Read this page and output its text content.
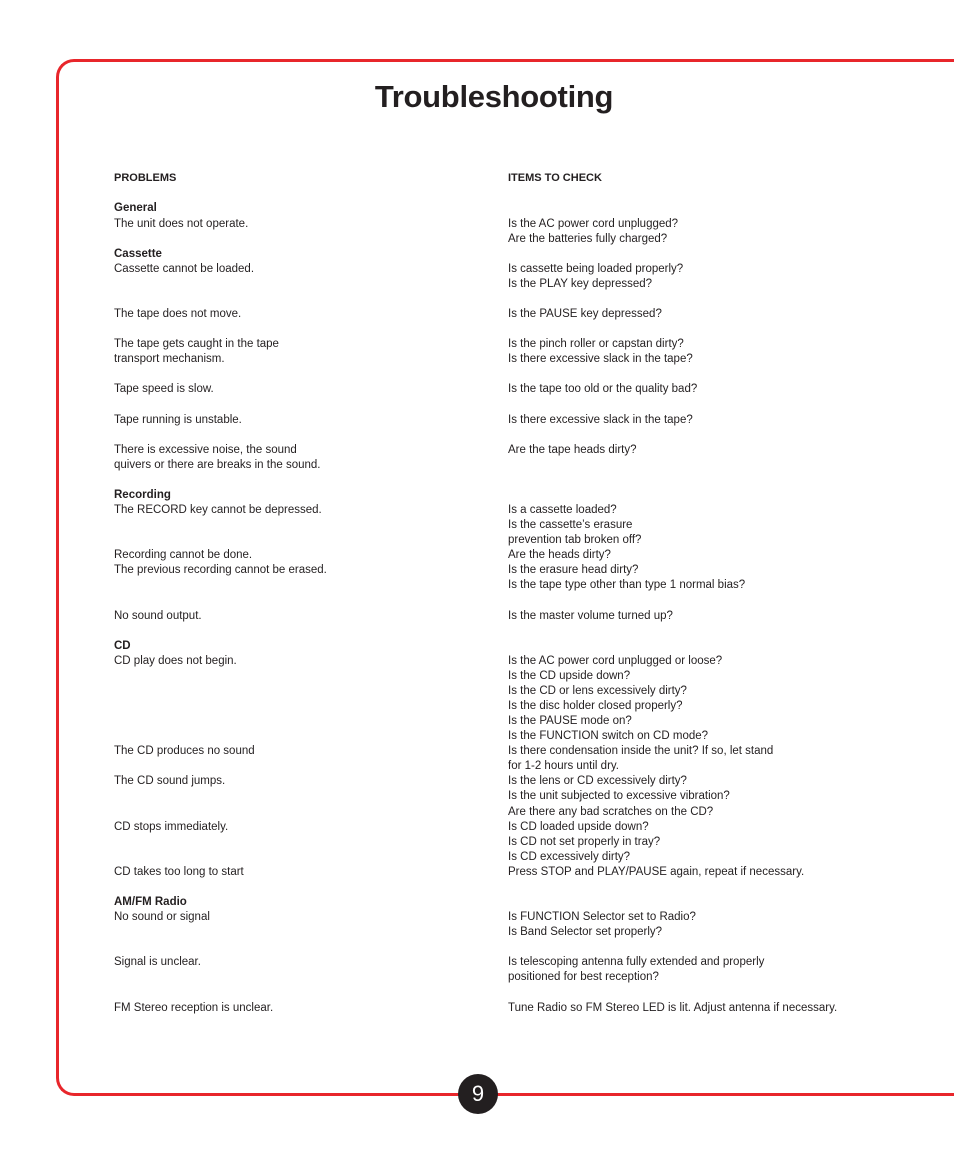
Troubleshooting
PROBLEMS	ITEMS TO CHECK
General
The unit does not operate.
Cassette
Cassette cannot be loaded.
The tape does not move.
The tape gets caught in the tape
transport mechanism.
Tape speed is slow.
Tape running is unstable.
There is excessive noise, the sound
quivers or there are breaks in the sound.
Recording
The RECORD key cannot be depressed.
Recording cannot be done.
The previous recording cannot be erased.
No sound output.
CD
CD play does not begin.
The CD produces no sound
The CD sound jumps.
CD stops immediately.
CD takes too long to start
AM/FM Radio
No sound or signal
Signal is unclear.
FM Stereo reception is unclear.
Is the AC power cord unplugged?
Are the batteries fully charged?
Is cassette being loaded properly?
Is the PLAY key depressed?
Is the PAUSE key depressed?
Is the pinch roller or capstan dirty?
Is there excessive slack in the tape?
Is the tape too old or the quality bad?
Is there excessive slack in the tape?
Are the tape heads dirty?
Is a cassette loaded?
Is the cassette’s erasure
prevention tab broken off?
Are the heads dirty?
Is the erasure head dirty?
Is the tape type other than type 1 normal bias?
Is the master volume turned up?
Is the AC power cord unplugged or loose?
Is the CD upside down?
Is the CD or lens excessively dirty?
Is the disc holder closed properly?
Is the PAUSE mode on?
Is the FUNCTION switch on CD mode?
Is there condensation inside the unit? If so, let stand
for 1-2 hours until dry.
Is the lens or CD excessively dirty?
Is the unit subjected to excessive vibration?
Are there any bad scratches on the CD?
Is CD loaded upside down?
Is CD not set properly in tray?
Is CD excessively dirty?
Press STOP and PLAY/PAUSE again, repeat if necessary.
Is FUNCTION Selector set to Radio?
Is Band Selector set properly?
Is telescoping antenna fully extended and properly
positioned for best reception?
Tune Radio so FM Stereo LED is lit. Adjust antenna if necessary.
9
